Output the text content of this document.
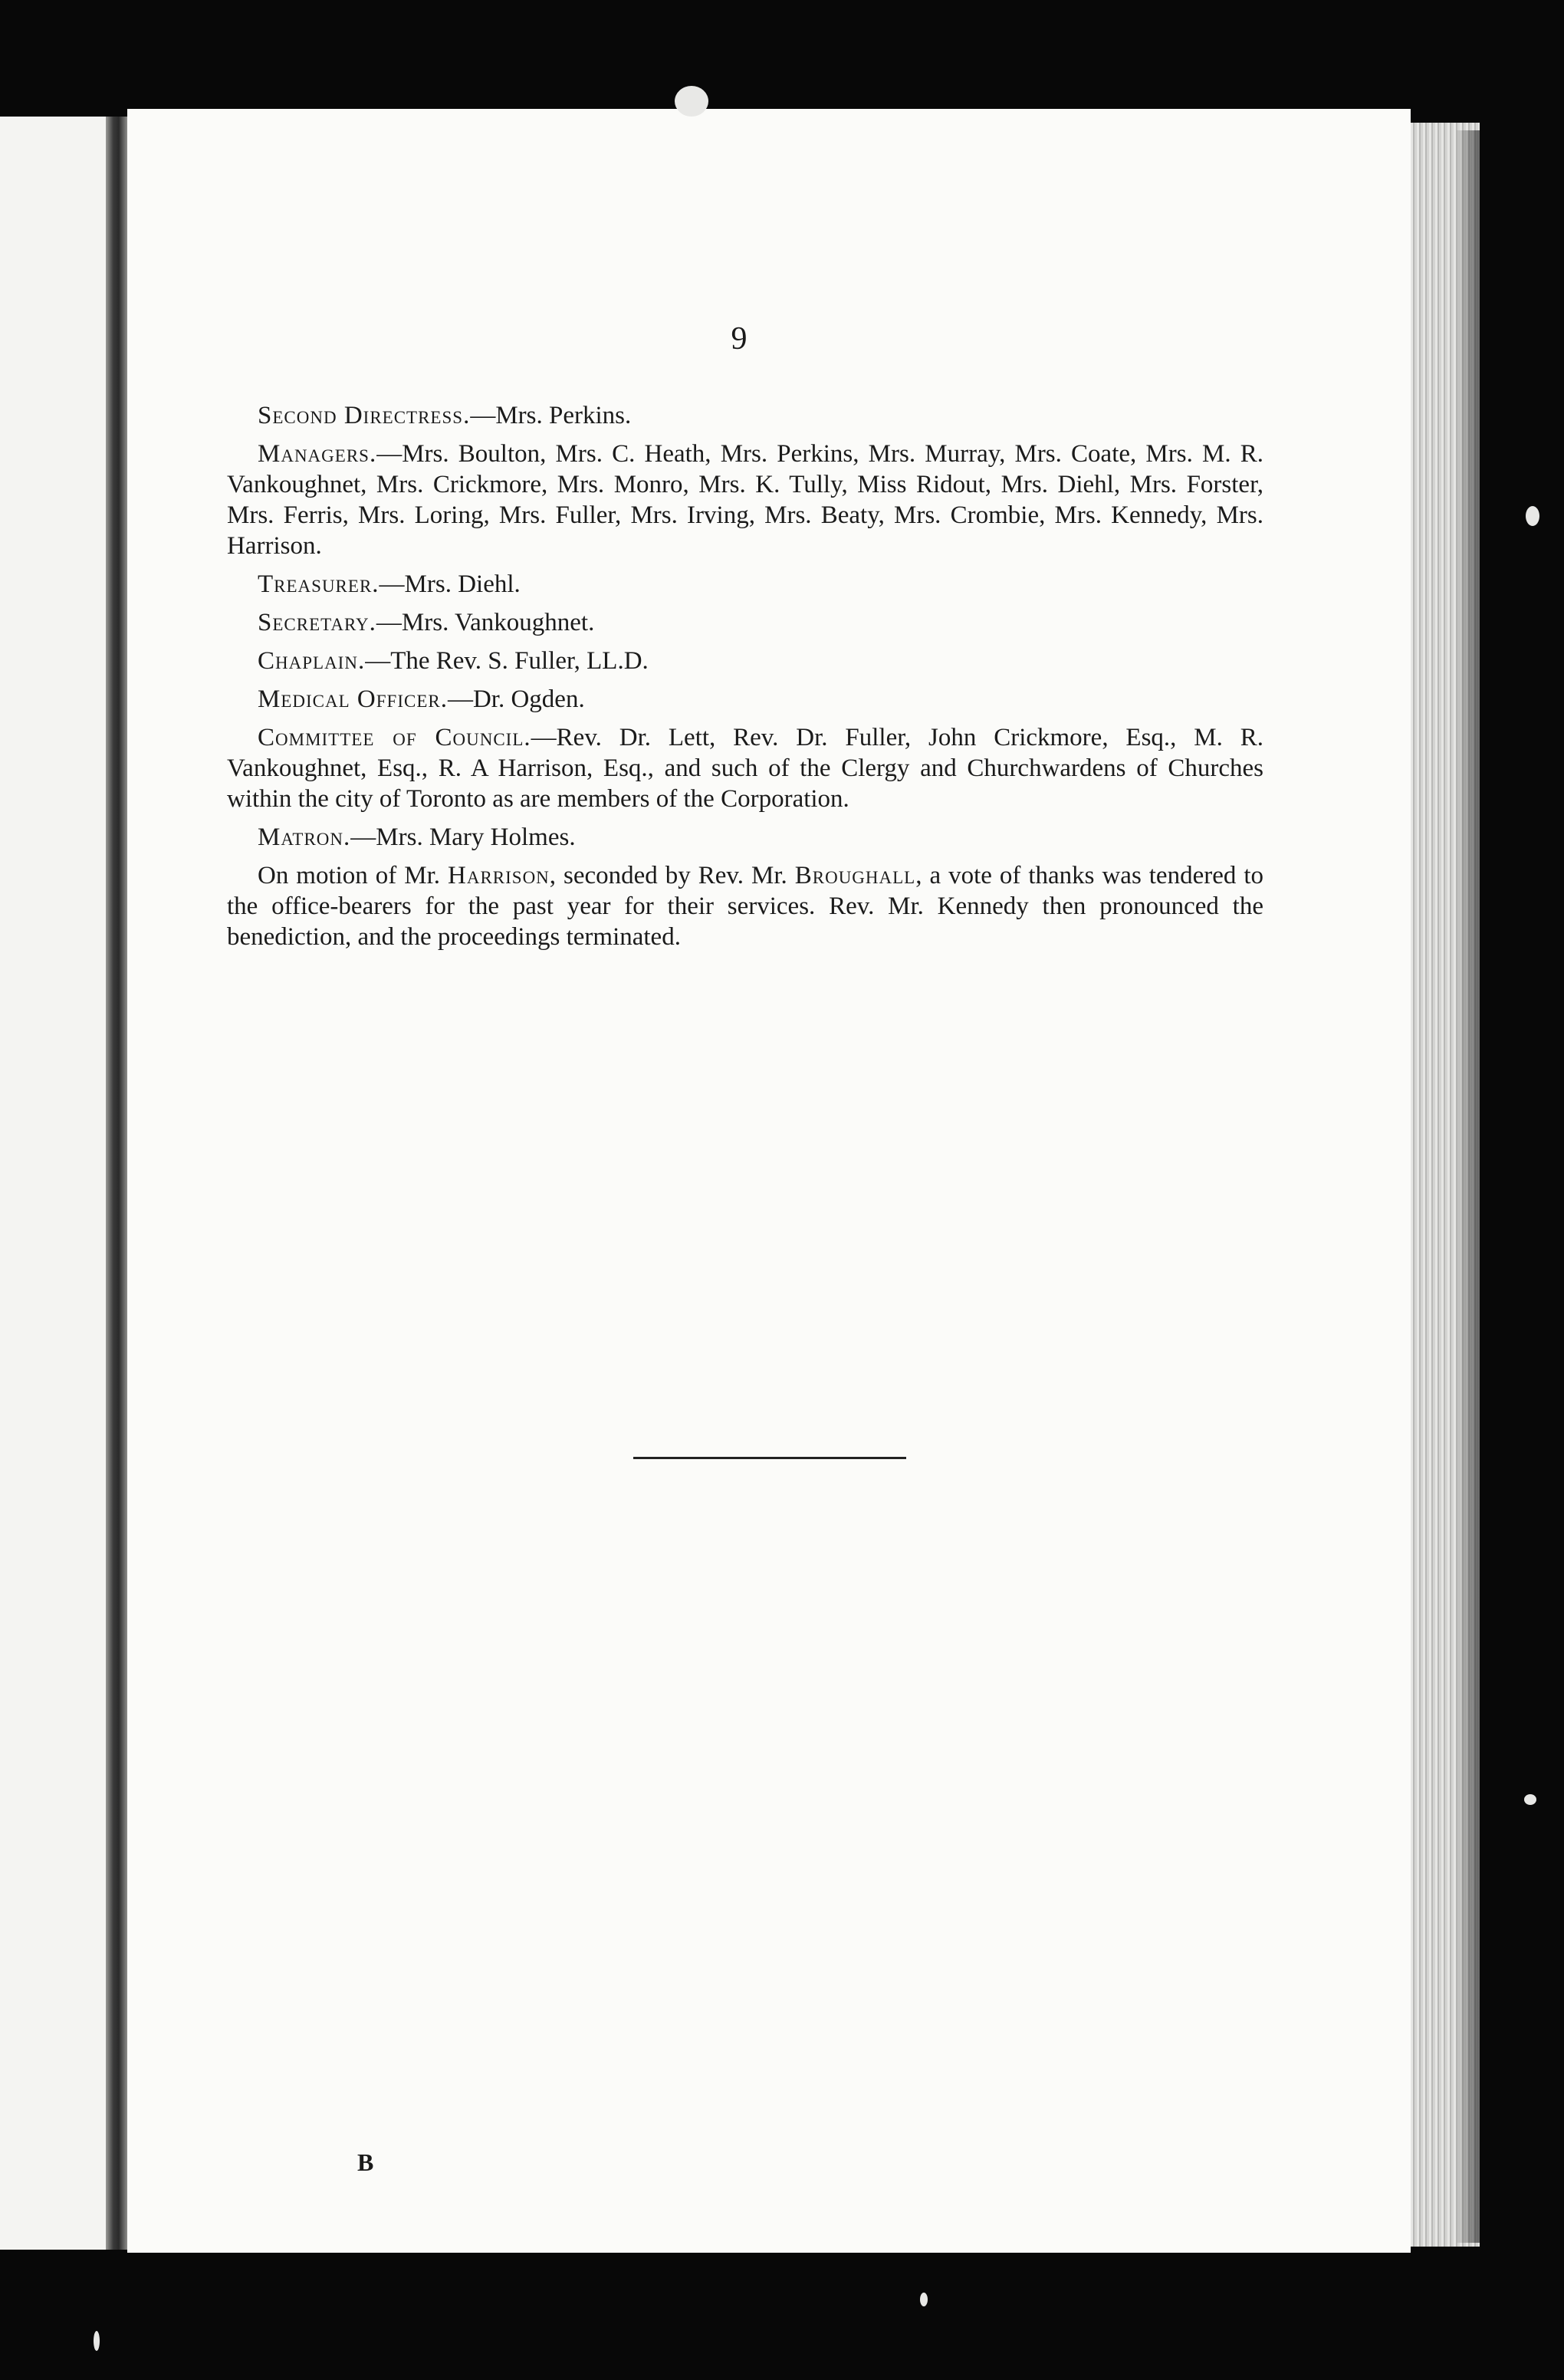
9

Second Directress.—Mrs. Perkins.

Managers.—Mrs. Boulton, Mrs. C. Heath, Mrs. Perkins, Mrs. Murray, Mrs. Coate, Mrs. M. R. Vankoughnet, Mrs. Crickmore, Mrs. Monro, Mrs. K. Tully, Miss Ridout, Mrs. Diehl, Mrs. Forster, Mrs. Ferris, Mrs. Loring, Mrs. Fuller, Mrs. Irving, Mrs. Beaty, Mrs. Crombie, Mrs. Kennedy, Mrs. Harrison.

Treasurer.—Mrs. Diehl.

Secretary.—Mrs. Vankoughnet.

Chaplain.—The Rev. S. Fuller, LL.D.

Medical Officer.—Dr. Ogden.

Committee of Council.—Rev. Dr. Lett, Rev. Dr. Fuller, John Crickmore, Esq., M. R. Vankoughnet, Esq., R. A Harrison, Esq., and such of the Clergy and Churchwardens of Churches within the city of Toronto as are members of the Corporation.

Matron.—Mrs. Mary Holmes.

On motion of Mr. Harrison, seconded by Rev. Mr. Broughall, a vote of thanks was tendered to the office-bearers for the past year for their services. Rev. Mr. Kennedy then pronounced the benediction, and the proceedings terminated.

B
